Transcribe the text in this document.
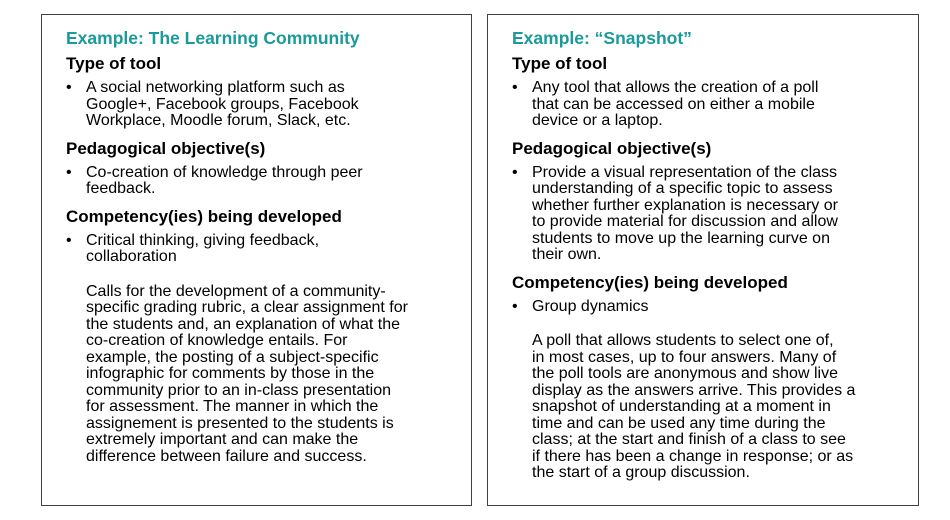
Example: The Learning Community
Type of tool
• A social networking platform such as
Google+, Facebook groups, Facebook
Workplace, Moodle forum, Slack, etc.
Pedagogical objective(s)
• Co-creation of knowledge through peer
feedback.
Competency(ies) being developed
• Critical thinking, giving feedback,
collaboration
Calls for the development of a community-
specific grading rubric, a clear assignment for
the students and, an explanation of what the
co-creation of knowledge entails. For
example, the posting of a subject-specific
infographic for comments by those in the
community prior to an in-class presentation
for assessment. The manner in which the
assignement is presented to the students is
extremely important and can make the
difference between failure and success.
Example: “Snapshot”
Type of tool
• Any tool that allows the creation of a poll
that can be accessed on either a mobile
device or a laptop.
Pedagogical objective(s)
• Provide a visual representation of the class
understanding of a specific topic to assess
whether further explanation is necessary or
to provide material for discussion and allow
students to move up the learning curve on
their own.
Competency(ies) being developed
• Group dynamics
A poll that allows students to select one of,
in most cases, up to four answers. Many of
the poll tools are anonymous and show live
display as the answers arrive. This provides a
snapshot of understanding at a moment in
time and can be used any time during the
class; at the start and finish of a class to see
if there has been a change in response; or as
the start of a group discussion.
